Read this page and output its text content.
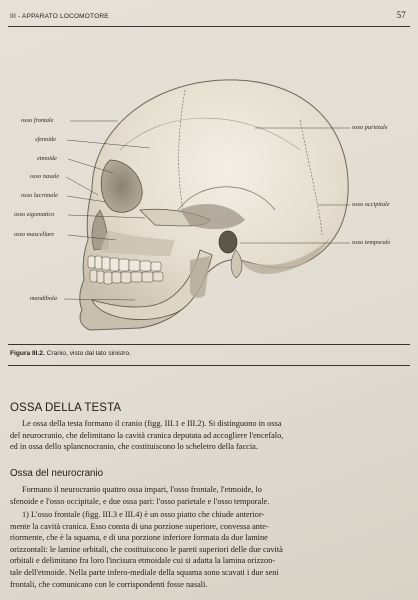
III - APPARATO LOCOMOTORE	57
osso frontale
sfenoide
etmoide
osso nasale
osso lacrimale
osso zigomatico
osso mascellare
mandibola
osso parietale
osso occipitale
osso temporale
Figura III.2. Cranio, visto dal lato sinistro.
OSSA DELLA TESTA
Le ossa della testa formano il cranio (figg. III.1 e III.2). Si distinguono in ossa
del neurocranio, che delimitano la cavità cranica deputata ad accogliere l'encefalo,
ed in ossa dello splancnocranio, che costituiscono lo scheletro della faccia.
Ossa del neurocranio
Formano il neurocranio quattro ossa impari, l'osso frontale, l'etmoide, lo
sfenoide e l'osso occipitale, e due ossa pari: l'osso parietale e l'osso temporale.
1) L'osso frontale (figg. III.3 e III.4) è un osso piatto che chiude anterior-
mente la cavità cranica. Esso consta di una porzione superiore, convessa ante-
riormente, che è la squama, e di una porzione inferiore formata da due lamine
orizzontali: le lamine orbitali, che costituiscono le pareti superiori delle due cavità
orbitali e delimitano fra loro l'incisura etmoidale cui si adatta la lamina orizzon-
tale dell'etmoide. Nella parte infero-mediale della squama sono scavati i due seni
frontali, che comunicano con le corrispondenti fosse nasali.
